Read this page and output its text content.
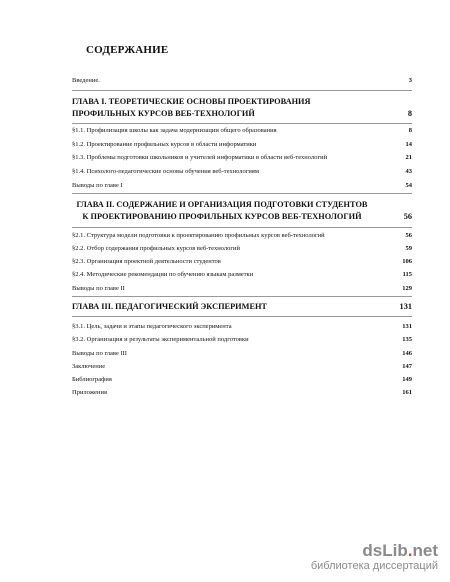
СОДЕРЖАНИЕ
Введение.	3
ГЛАВА I. ТЕОРЕТИЧЕСКИЕ ОСНОВЫ ПРОЕКТИРОВАНИЯ
ПРОФИЛЬНЫХ КУРСОВ ВЕБ-ТЕХНОЛОГИЙ	8
§1.1. Профилизация школы как задача модернизации общего образования	8
§1.2. Проектирование профильных курсов в области информатики	14
§1.3. Проблемы подготовки школьников и учителей информатики в области веб-технологий	21
§1.4. Психолого-педагогические основы обучения веб-технологиям	43
Выводы по главе I	54
ГЛАВА II. СОДЕРЖАНИЕ И ОРГАНИЗАЦИЯ ПОДГОТОВКИ СТУДЕНТОВ
К ПРОЕКТИРОВАНИЮ ПРОФИЛЬНЫХ КУРСОВ ВЕБ-ТЕХНОЛОГИЙ	56
§2.1. Структура модели подготовки к проектированию профильных курсов веб-технологий	56
§2.2. Отбор содержания профильных курсов веб-технологий	59
§2.3. Организация проектной деятельности студентов	106
§2.4. Методические рекомендации по обучению языкам разметки	115
Выводы по главе II	129
ГЛАВА III. ПЕДАГОГИЧЕСКИЙ ЭКСПЕРИМЕНТ	131
§3.1. Цель, задачи и этапы педагогического эксперимента	131
§3.2. Организация и результаты экспериментальной подготовки	135
Выводы по главе III	146
Заключение	147
Библиография	149
Приложения	161
dsLib.net
библиотека диссертаций
